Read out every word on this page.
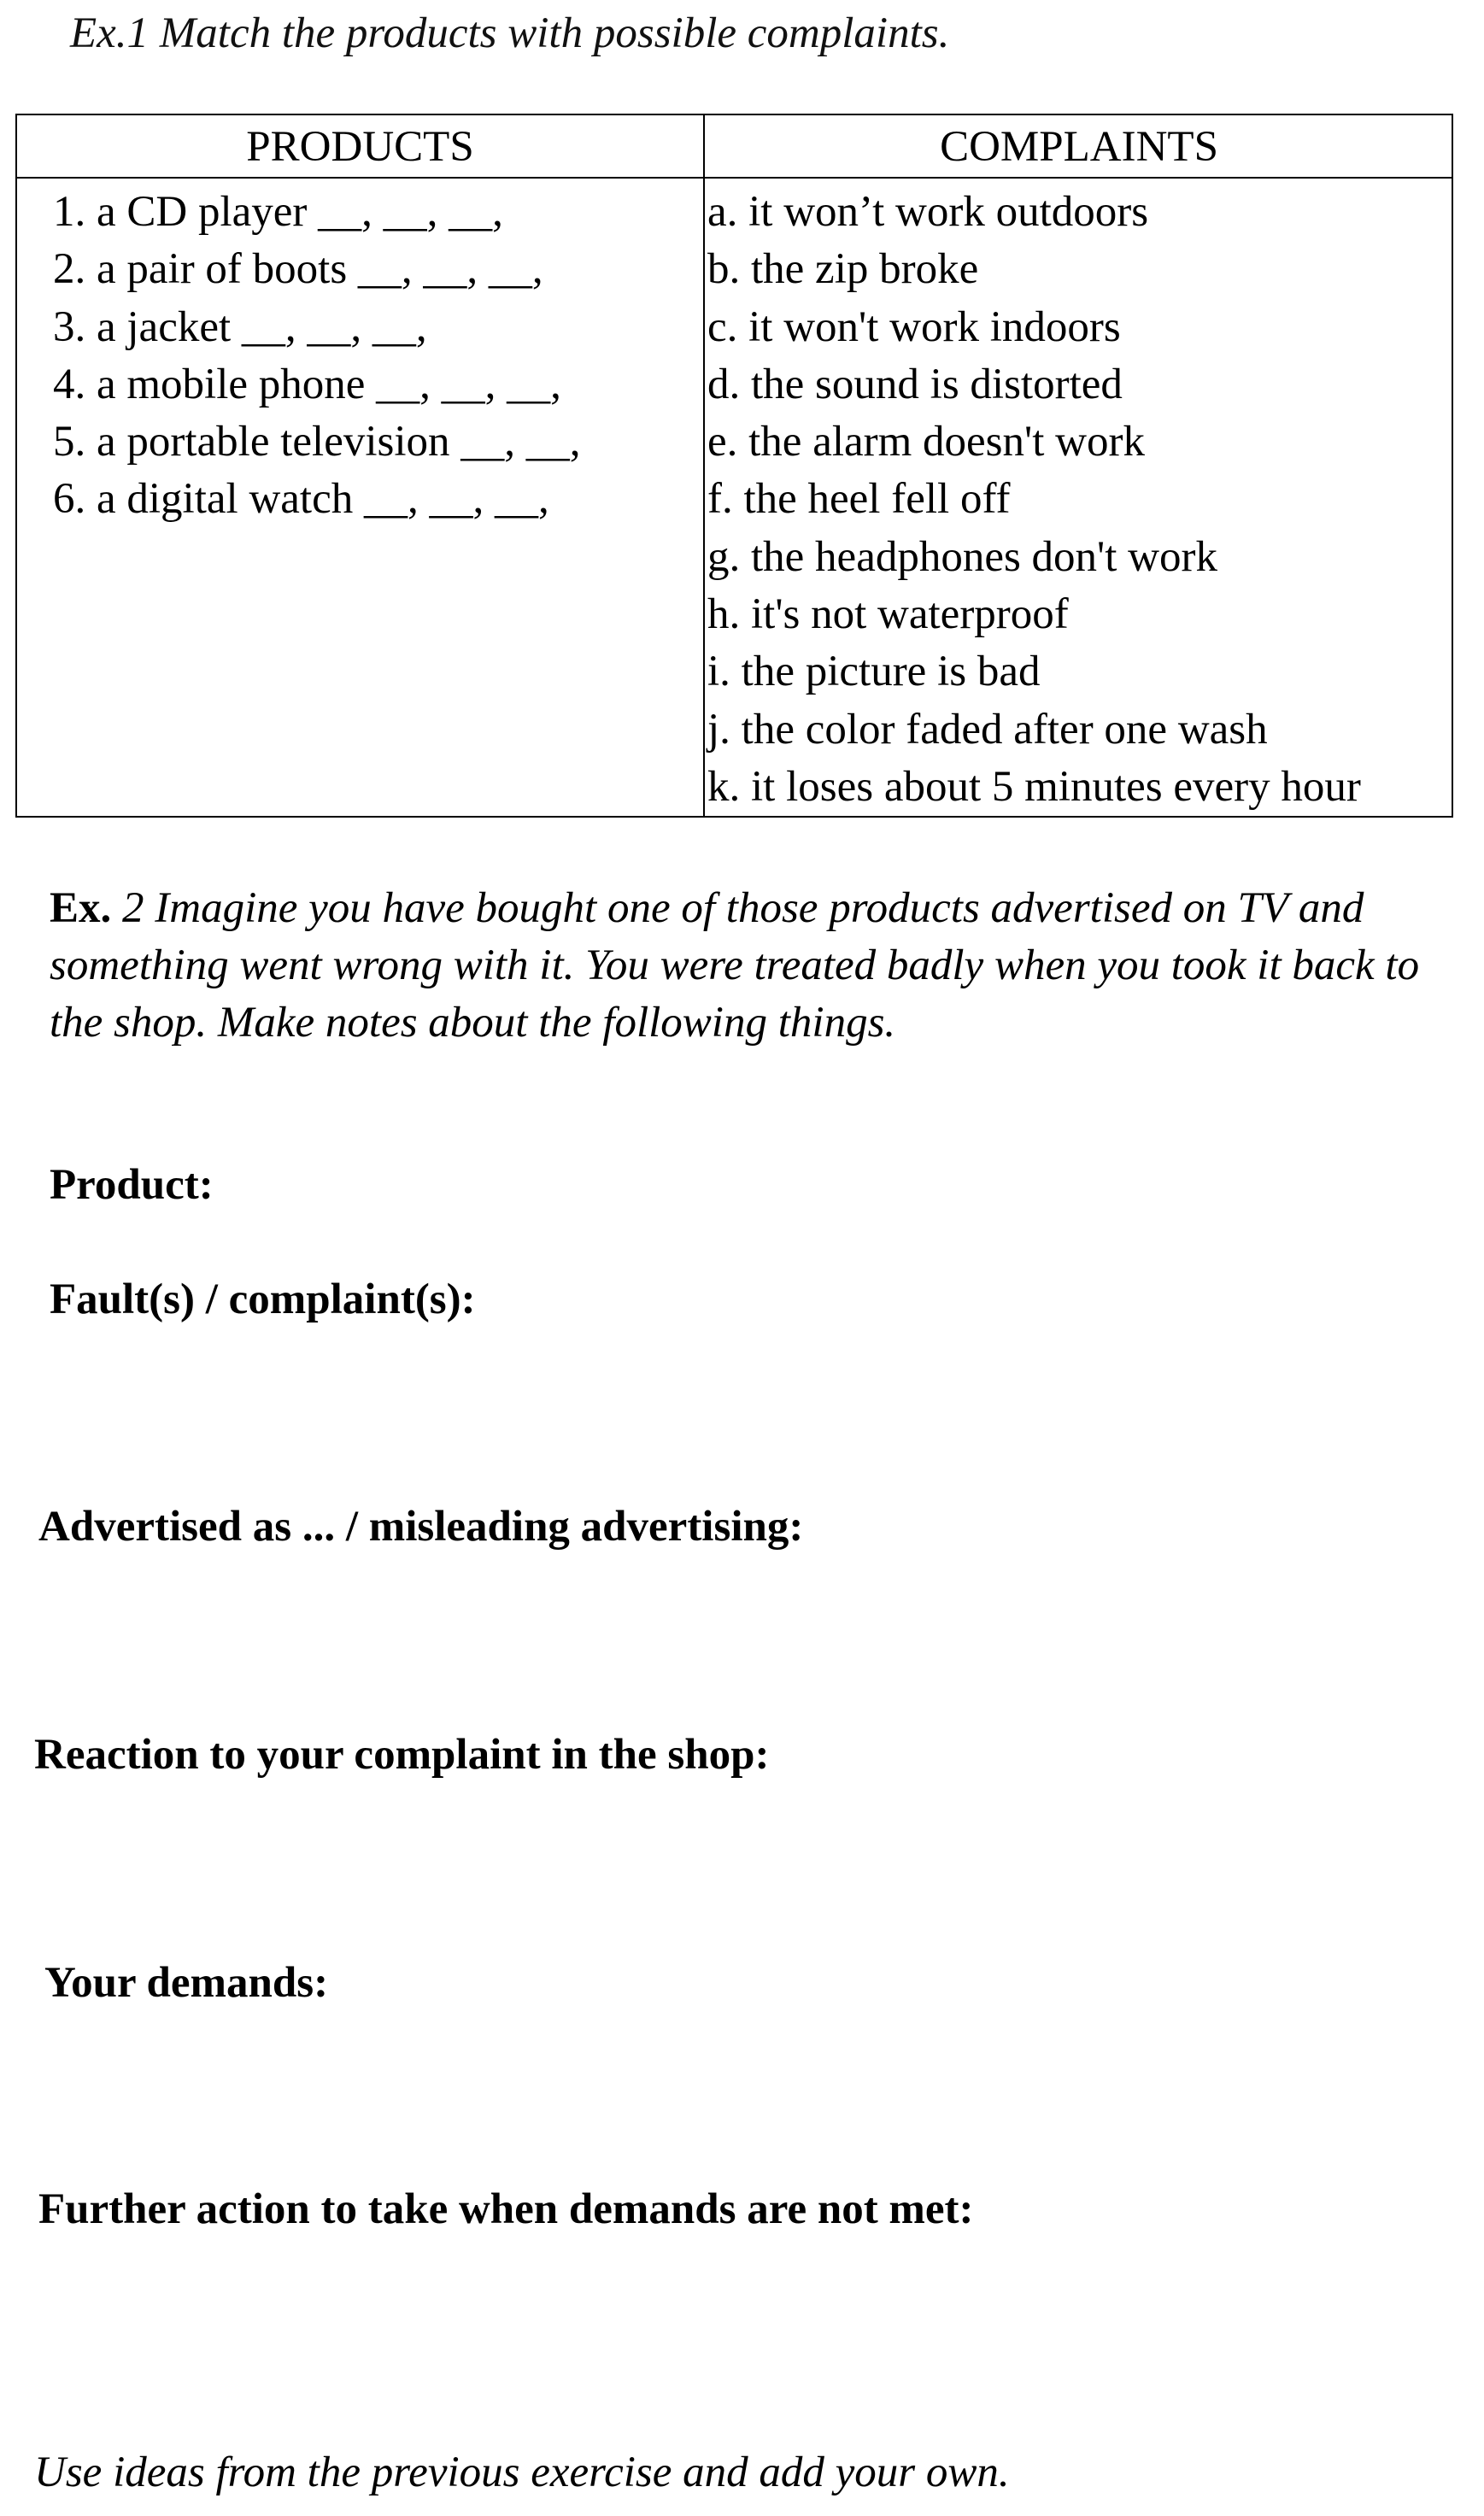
Ex.1 Match the products with possible complaints.
PRODUCTS	COMPLAINTS
1. a CD player __, __, __,
2. a pair of boots __, __, __,
3. a jacket __, __, __,
4. a mobile phone __, __, __,
5. a portable television __, __,
6. a digital watch __, __, __,
a. it won’t work outdoors
b. the zip broke
c. it won't work indoors
d. the sound is distorted
e. the alarm doesn't work
f. the heel fell off
g. the headphones don't work
h. it's not waterproof
i. the picture is bad
j. the color faded after one wash
k. it loses about 5 minutes every hour
Ex. 2 Imagine you have bought one of those products advertised on TV and something went wrong with it. You were treated badly when you took it back to the shop. Make notes about the following things.
Product:
Fault(s) / complaint(s):
Advertised as ... / misleading advertising:
Reaction to your complaint in the shop:
Your demands:
Further action to take when demands are not met:
Use ideas from the previous exercise and add your own.
